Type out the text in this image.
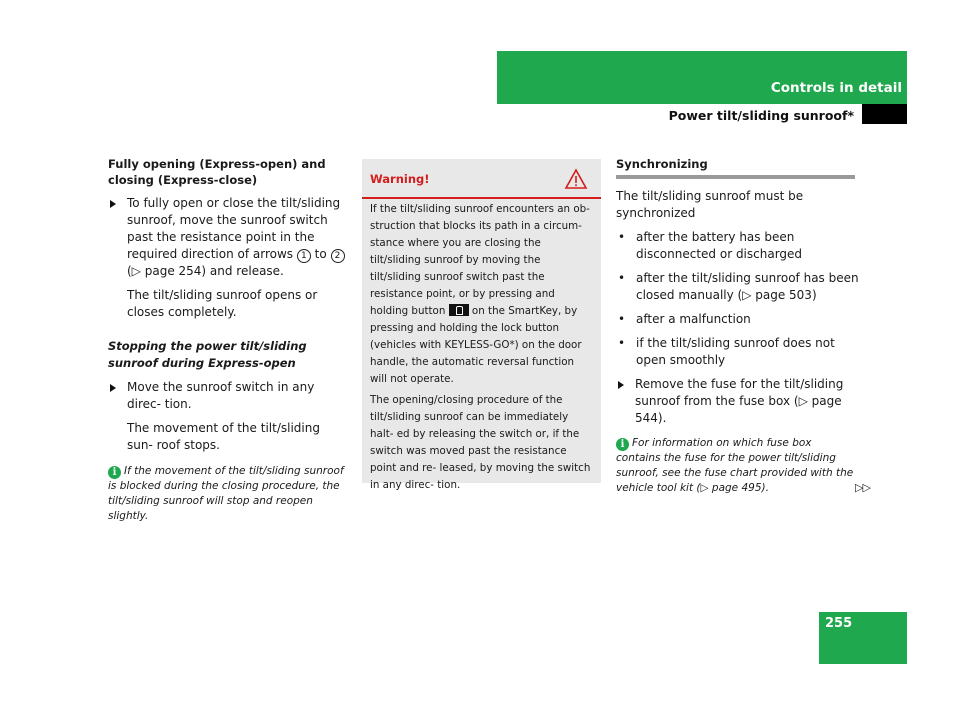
Controls in detail
Power tilt/sliding sunroof*

Fully opening (Express-open) and closing (Express-close)

To fully open or close the tilt/sliding sunroof, move the sunroof switch past the resistance point in the required direction of arrows 1 to 2
(▷ page 254) and release.

The tilt/sliding sunroof opens or closes completely.

Stopping the power tilt/sliding sunroof during Express-open

Move the sunroof switch in any direc- tion.

The movement of the tilt/sliding sun- roof stops.

i If the movement of the tilt/sliding sunroof is blocked during the closing procedure, the tilt/sliding sunroof will stop and reopen slightly.

Warning!

If the tilt/sliding sunroof encounters an ob- struction that blocks its path in a circum- stance where you are closing the tilt/sliding sunroof by moving the tilt/sliding sunroof switch past the resistance point, or by pressing and holding button  on the SmartKey, by pressing and holding the lock button (vehicles with KEYLESS-GO*) on the door handle, the automatic reversal function will not operate.

The opening/closing procedure of the tilt/sliding sunroof can be immediately halt- ed by releasing the switch or, if the switch was moved past the resistance point and re- leased, by moving the switch in any direc- tion.

Synchronizing

The tilt/sliding sunroof must be synchronized

• after the battery has been disconnected or discharged

• after the tilt/sliding sunroof has been closed manually (▷ page 503)

• after a malfunction

• if the tilt/sliding sunroof does not open smoothly

Remove the fuse for the tilt/sliding sunroof from the fuse box (▷ page 544).

i For information on which fuse box contains the fuse for the power tilt/sliding sunroof, see the fuse chart provided with the vehicle tool kit (▷ page 495).	▷▷
255
